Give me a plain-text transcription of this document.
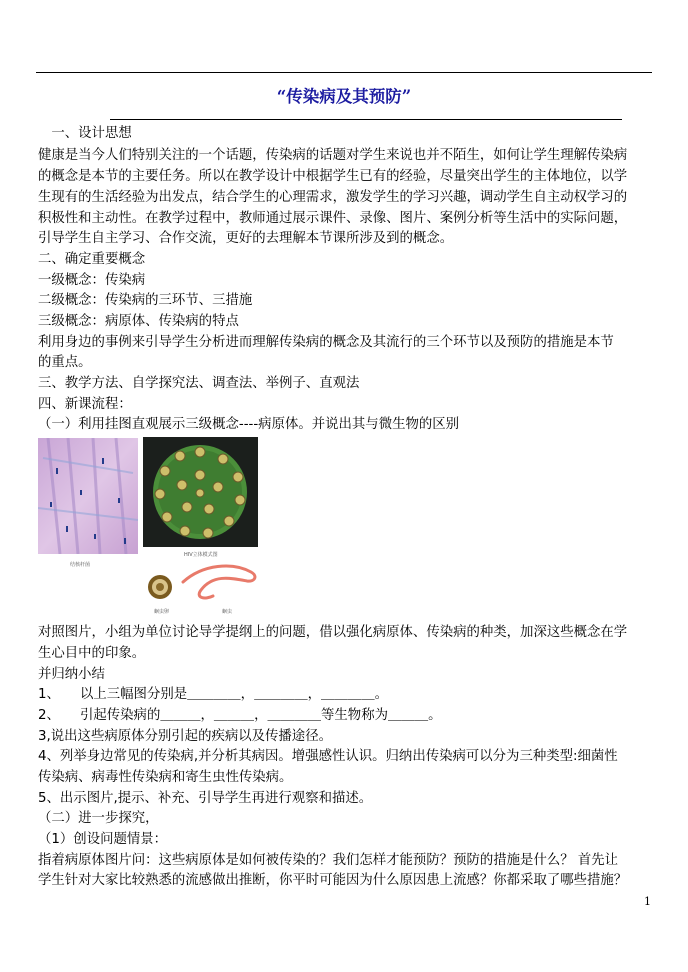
“传染病及其预防”
　一、设计思想
健康是当今人们特别关注的一个话题，传染病的话题对学生来说也并不陌生，如何让学生理解传染病
的概念是本节的主要任务。所以在教学设计中根据学生已有的经验，尽量突出学生的主体地位，以学
生现有的生活经验为出发点，结合学生的心理需求，激发学生的学习兴趣，调动学生自主动权学习的
积极性和主动性。在教学过程中，教师通过展示课件、录像、图片、案例分析等生活中的实际问题，
引导学生自主学习、合作交流，更好的去理解本节课所涉及到的概念。
二、确定重要概念
一级概念：传染病
二级概念：传染病的三环节、三措施
三级概念：病原体、传染病的特点
利用身边的事例来引导学生分析进而理解传染病的概念及其流行的三个环节以及预防的措施是本节
的重点。
三、教学方法、自学探究法、调查法、举例子、直观法
四、新课流程：
（一）利用挂图直观展示三级概念----病原体。并说出其与微生物的区别
结核杆菌
HIV立体模式图
蛔虫卵	蛔虫
对照图片，小组为单位讨论导学提纲上的问题，借以强化病原体、传染病的种类，加深这些概念在学
生心目中的印象。
并归纳小结
1、　　以上三幅图分别是＿＿＿＿，＿＿＿＿，＿＿＿＿。
2、　　引起传染病的＿＿＿，＿＿＿，＿＿＿＿等生物称为＿＿＿。
3,说出这些病原体分别引起的疾病以及传播途径。
4、列举身边常见的传染病,并分析其病因。增强感性认识。归纳出传染病可以分为三种类型:细菌性
传染病、病毒性传染病和寄生虫性传染病。
5、出示图片,提示、补充、引导学生再进行观察和描述。
（二）进一步探究，
（1）创设问题情景：
指着病原体图片问：这些病原体是如何被传染的？我们怎样才能预防？预防的措施是什么？ 首先让
学生针对大家比较熟悉的流感做出推断，你平时可能因为什么原因患上流感？你都采取了哪些措施？
1
